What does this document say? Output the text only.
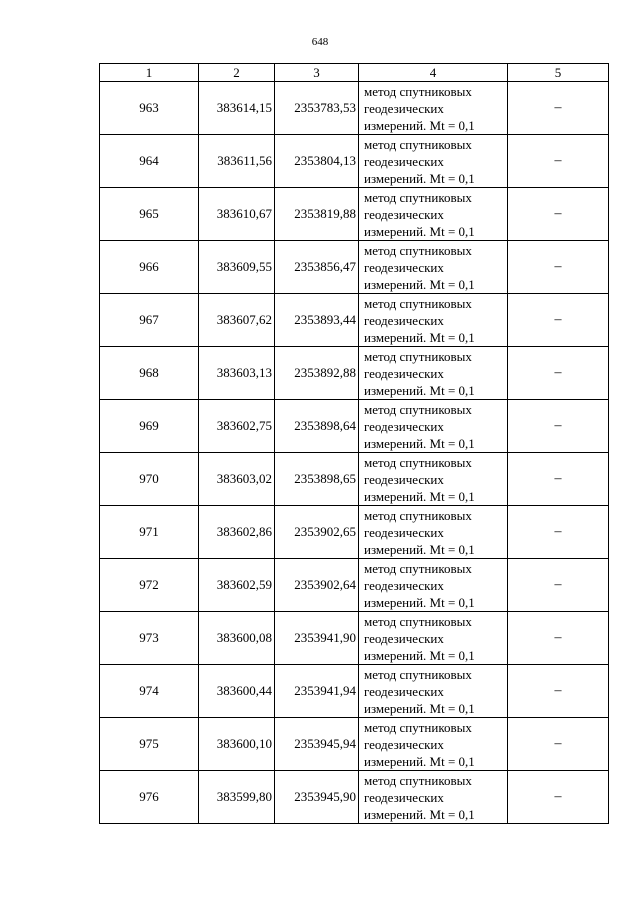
648
1	2	3	4	5
963	383614,15	2353783,53	метод спутниковых
геодезических
измерений. Mt = 0,1	–
964	383611,56	2353804,13	метод спутниковых
геодезических
измерений. Mt = 0,1	–
965	383610,67	2353819,88	метод спутниковых
геодезических
измерений. Mt = 0,1	–
966	383609,55	2353856,47	метод спутниковых
геодезических
измерений. Mt = 0,1	–
967	383607,62	2353893,44	метод спутниковых
геодезических
измерений. Mt = 0,1	–
968	383603,13	2353892,88	метод спутниковых
геодезических
измерений. Mt = 0,1	–
969	383602,75	2353898,64	метод спутниковых
геодезических
измерений. Mt = 0,1	–
970	383603,02	2353898,65	метод спутниковых
геодезических
измерений. Mt = 0,1	–
971	383602,86	2353902,65	метод спутниковых
геодезических
измерений. Mt = 0,1	–
972	383602,59	2353902,64	метод спутниковых
геодезических
измерений. Mt = 0,1	–
973	383600,08	2353941,90	метод спутниковых
геодезических
измерений. Mt = 0,1	–
974	383600,44	2353941,94	метод спутниковых
геодезических
измерений. Mt = 0,1	–
975	383600,10	2353945,94	метод спутниковых
геодезических
измерений. Mt = 0,1	–
976	383599,80	2353945,90	метод спутниковых
геодезических
измерений. Mt = 0,1	–
